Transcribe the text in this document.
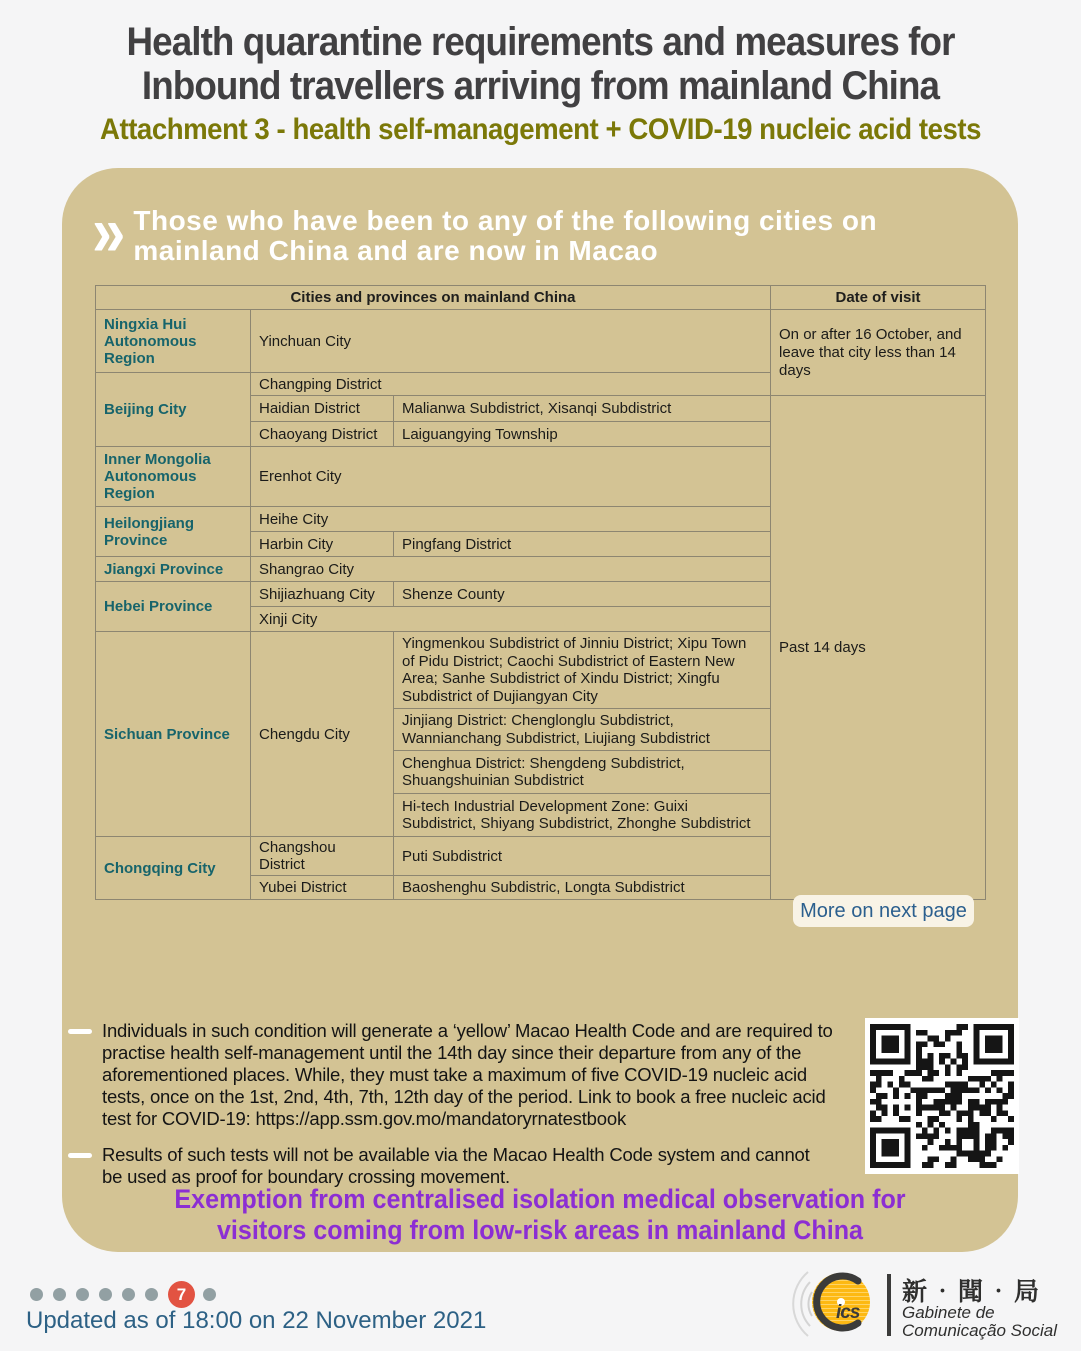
Health quarantine requirements and measures for
Inbound travellers arriving from mainland China
Attachment 3 - health self-management + COVID-19 nucleic acid tests
» Those who have been to any of the following cities on
mainland China and are now in Macao
Cities and provinces on mainland China			Date of visit
Ningxia Hui Autonomous Region	Yinchuan City		On or after 16 October, and leave that city less than 14 days
Beijing City	Changping District		
	Haidian District	Malianwa Subdistrict, Xisanqi Subdistrict	Past 14 days
	Chaoyang District	Laiguangying Township	
Inner Mongolia Autonomous Region	Erenhot City		
Heilongjiang Province	Heihe City		
	Harbin City	Pingfang District	
Jiangxi Province	Shangrao City		
Hebei Province	Shijiazhuang City	Shenze County	
	Xinji City		
Sichuan Province	Chengdu City	Yingmenkou Subdistrict of Jinniu District; Xipu Town of Pidu District; Caochi Subdistrict of Eastern New Area; Sanhe Subdistrict of Xindu District; Xingfu Subdistrict of Dujiangyan City	
		Jinjiang District: Chenglonglu Subdistrict, Wannianchang Subdistrict, Liujiang Subdistrict	
		Chenghua District: Shengdeng Subdistrict, Shuangshuinian Subdistrict	
		Hi-tech Industrial Development Zone: Guixi Subdistrict, Shiyang Subdistrict, Zhonghe Subdistrict	
Chongqing City	Changshou District	Puti Subdistrict	
	Yubei District	Baoshenghu Subdistric, Longta Subdistrict	
More on next page

Individuals in such condition will generate a ‘yellow’ Macao Health Code and are required to practise health self-management until the 14th day since their departure from any of the aforementioned places. While, they must take a maximum of five COVID-19 nucleic acid tests, once on the 1st, 2nd, 4th, 7th, 12th day of the period. Link to book a free nucleic acid test for COVID-19: https://app.ssm.gov.mo/mandatoryrnatestbook

Results of such tests will not be available via the Macao Health Code system and cannot be used as proof for boundary crossing movement.

Exemption from centralised isolation medical observation for
visitors coming from low-risk areas in mainland China
7
Updated as of 18:00 on 22 November 2021	ics
新‧聞‧局
Gabinete de
Comunicação Social
